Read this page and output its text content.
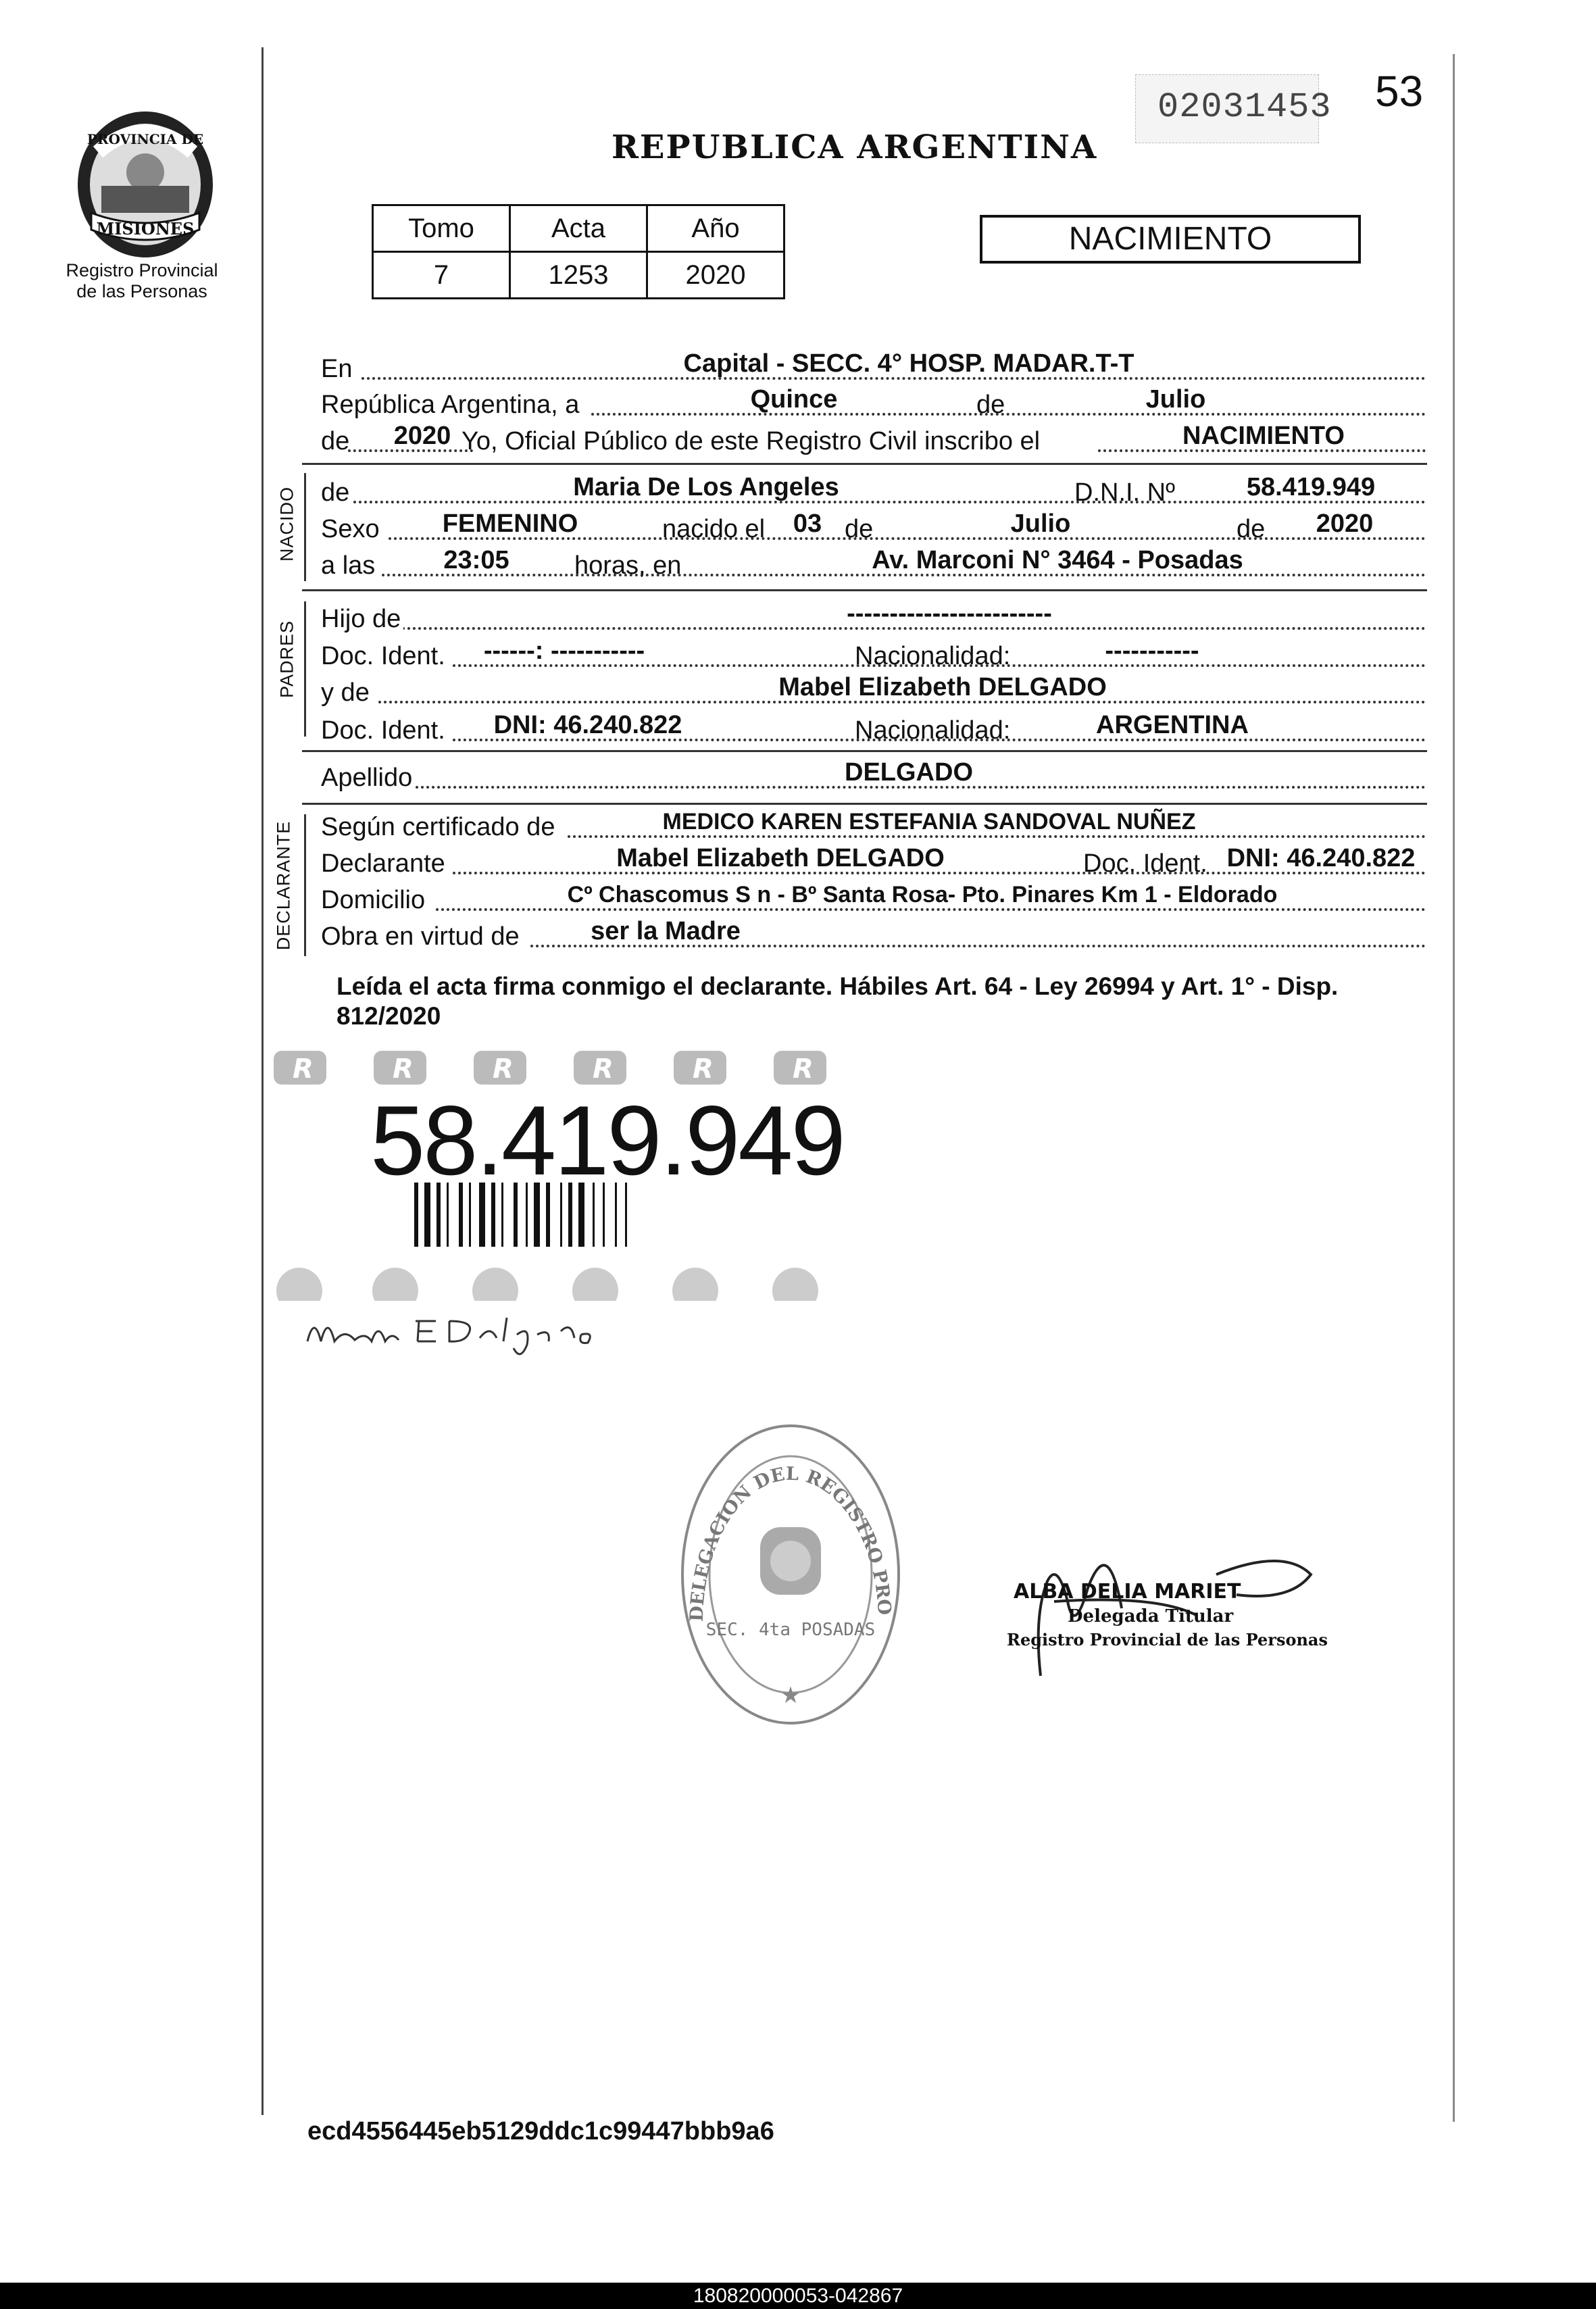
PROVINCIA DE
MISIONES
Registro Provincial
de las Personas
02031453 53
REPUBLICA ARGENTINA
Tomo	Acta	Año
7	1253	2020
NACIMIENTO
En	Capital - SECC. 4° HOSP. MADAR.T-T
República Argentina, a	Quince	de	Julio
de	2020 Yo, Oficial Público de este Registro Civil inscribo el	NACIMIENTO
NACIDO de	Maria De Los Angeles	D.N.I. Nº	58.419.949
Sexo	FEMENINO	nacido el 03 de	Julio	de	2020
a las	23:05	horas, en	Av. Marconi N° 3464 - Posadas
PADRES
Hijo de	------------------------
Doc. Ident. ------: -----------	Nacionalidad:	-----------
y de	Mabel Elizabeth DELGADO
Doc. Ident.	DNI: 46.240.822	Nacionalidad:	ARGENTINA
Apellido	DELGADO
DECLARANTE Según certificado de	MEDICO KAREN ESTEFANIA SANDOVAL NUÑEZ
Declarante	Mabel Elizabeth DELGADO	Doc. Ident. DNI: 46.240.822
Domicilio	Cº Chascomus S n - Bº Santa Rosa- Pto. Pinares Km 1 - Eldorado
Obra en virtud de	ser la Madre
Leída el acta firma conmigo el declarante. Hábiles Art. 64 - Ley 26994 y Art. 1° - Disp. 812/2020
R	R	R	R	R	R
58.419.949
DELEGACION DEL REGISTRO PRO
SEC. 4ta POSADAS
★
ALBA DELIA MARIET
Delegada Titular
Registro Provincial de las Personas
ecd4556445eb5129ddc1c99447bbb9a6
180820000053-042867
